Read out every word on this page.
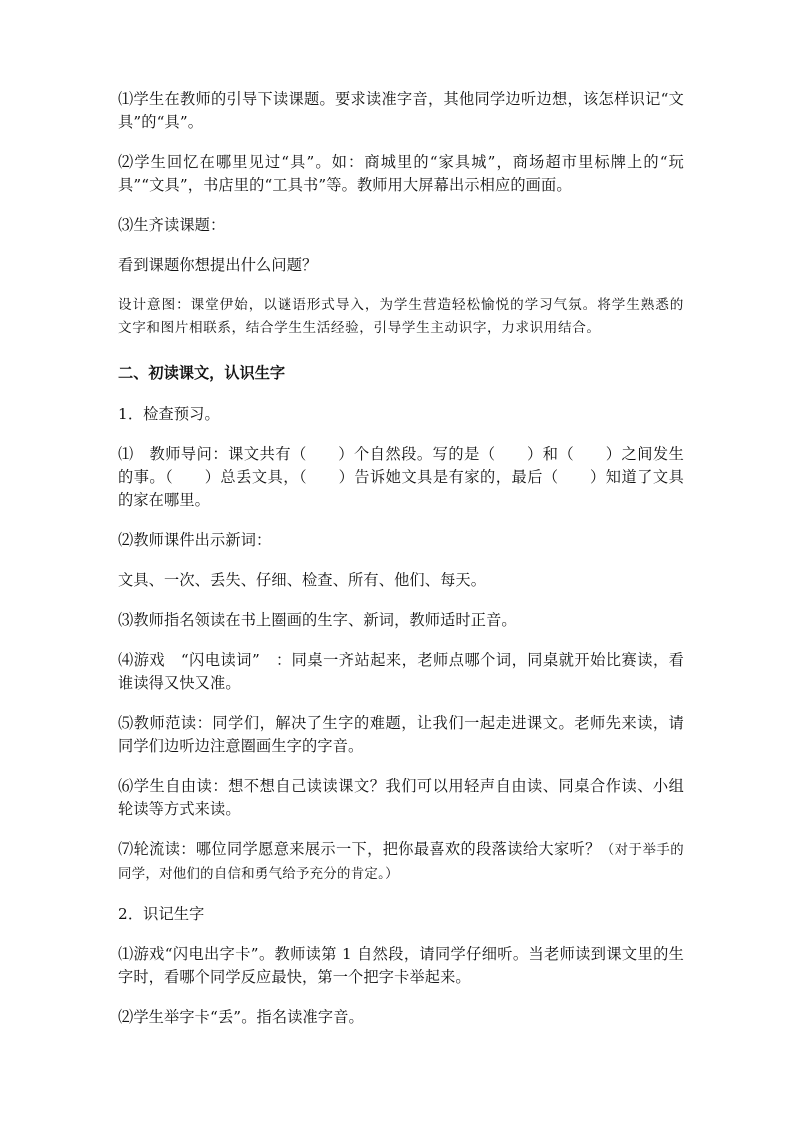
⑴学生在教师的引导下读课题。要求读准字音，其他同学边听边想，该怎样识记“文具”的“具”。

⑵学生回忆在哪里见过“具”。如：商城里的“家具城”，商场超市里标牌上的“玩具”“文具”，书店里的“工具书”等。教师用大屏幕出示相应的画面。

⑶生齐读课题：

看到课题你想提出什么问题？

设计意图：课堂伊始，以谜语形式导入，为学生营造轻松愉悦的学习气氛。将学生熟悉的文字和图片相联系，结合学生生活经验，引导学生主动识字，力求识用结合。

二、初读课文，认识生字

1．检查预习。

⑴　教师导问：课文共有（　　）个自然段。写的是（　　）和（　　）之间发生的事。（　　）总丢文具，（　　）告诉她文具是有家的，最后（　　）知道了文具的家在哪里。

⑵教师课件出示新词：

文具、一次、丢失、仔细、检查、所有、他们、每天。

⑶教师指名领读在书上圈画的生字、新词，教师适时正音。

⑷游戏　“闪电读词”　：同桌一齐站起来，老师点哪个词，同桌就开始比赛读，看谁读得又快又准。

⑸教师范读：同学们，解决了生字的难题，让我们一起走进课文。老师先来读，请同学们边听边注意圈画生字的字音。

⑹学生自由读：想不想自己读读课文？我们可以用轻声自由读、同桌合作读、小组轮读等方式来读。

⑺轮流读：哪位同学愿意来展示一下，把你最喜欢的段落读给大家听？（对于举手的同学，对他们的自信和勇气给予充分的肯定。）

2．识记生字

⑴游戏“闪电出字卡”。教师读第 1 自然段，请同学仔细听。当老师读到课文里的生字时，看哪个同学反应最快，第一个把字卡举起来。

⑵学生举字卡“丢”。指名读准字音。
